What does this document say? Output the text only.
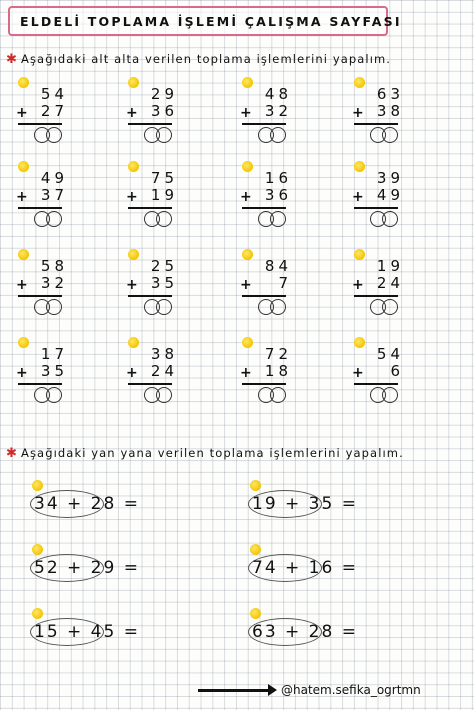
ELDELİ TOPLAMA İŞLEMİ ÇALIŞMA SAYFASI
✱ Aşağıdaki alt alta verilen toplama işlemlerini yapalım.
54
+ 27
29
+ 36
48
+ 32
63
+ 38
49
+ 37
75
+ 19
16
+ 36
39
+ 49
58
+ 32
25
+ 35
84
+	7
19
+ 24
17
+ 35
38
+ 24
72
+ 18
54
+	6
✱ Aşağıdaki yan yana verilen toplama işlemlerini yapalım.
34 + 28 =	19 + 35 =
52 + 29 =	74 + 16 =
15 + 45 =	63 + 28 =
@hatem.sefika_ogrtmn
